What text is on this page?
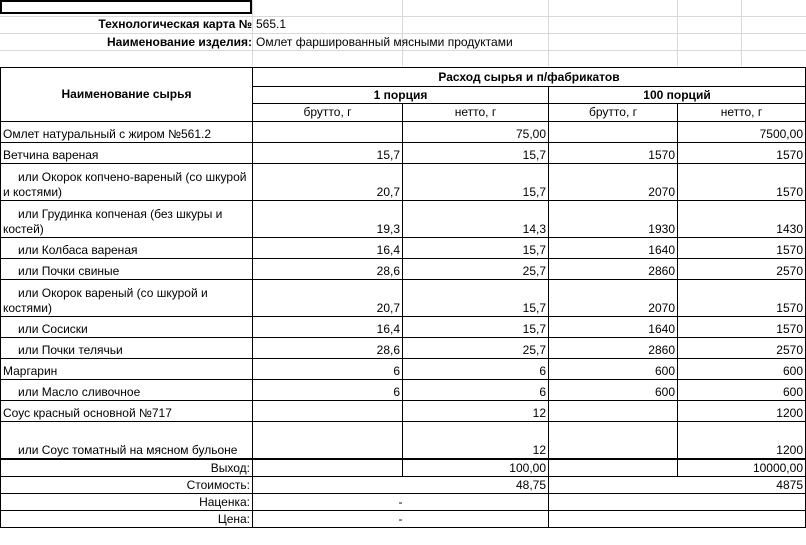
Технологическая карта № 565.1
Наименование изделия: Омлет фаршированный мясными продуктами
Наименование сырья	Расход сырья и п/фабрикатов			
	1 порция		100 порций	
	брутто, г	нетто, г	брутто, г	нетто, г
Омлет натуральный с жиром №561.2		75,00		7500,00
Ветчина вареная	15,7	15,7	1570	1570
или Окорок копчено-вареный (со шкурой и костями)	20,7	15,7	2070	1570
или Грудинка копченая (без шкуры и костей)	19,3	14,3	1930	1430
или Колбаса вареная	16,4	15,7	1640	1570
или Почки свиные	28,6	25,7	2860	2570
или Окорок вареный (со шкурой и костями)	20,7	15,7	2070	1570
или Сосиски	16,4	15,7	1640	1570
или Почки телячьи	28,6	25,7	2860	2570
Маргарин	6	6	600	600
или Масло сливочное	6	6	600	600
Соус красный основной №717		12		1200
или Соус томатный на мясном бульоне		12		1200
Выход:		100,00		10000,00
Стоимость:	48,75		4875	
Наценка:	-			
Цена:	-			
